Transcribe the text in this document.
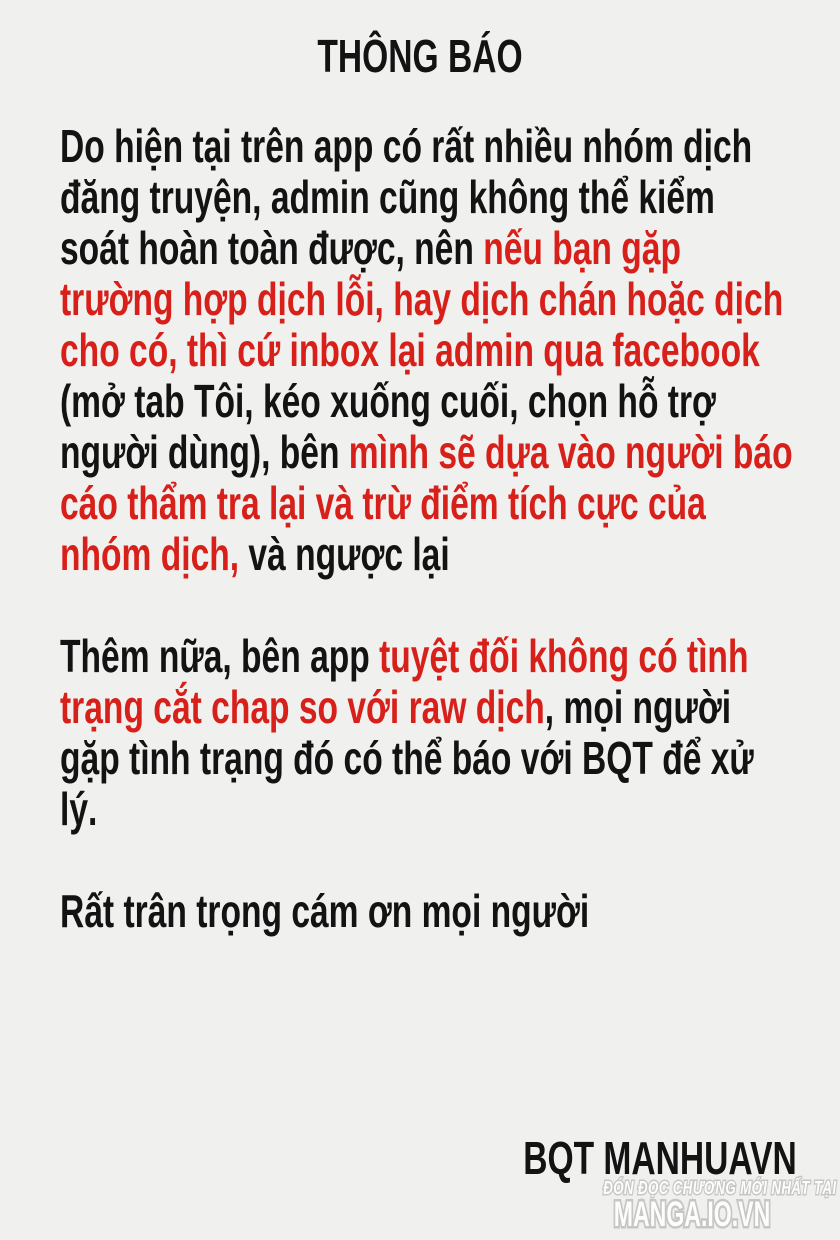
THÔNG BÁO
Do hiện tại trên app có rất nhiều nhóm dịch
đăng truyện, admin cũng không thể kiểm
soát hoàn toàn được, nên nếu bạn gặp
trường hợp dịch lỗi, hay dịch chán hoặc dịch
cho có, thì cứ inbox lại admin qua facebook
(mở tab Tôi, kéo xuống cuối, chọn hỗ trợ
người dùng), bên mình sẽ dựa vào người báo
cáo thẩm tra lại và trừ điểm tích cực của
nhóm dịch, và ngược lại
Thêm nữa, bên app tuyệt đối không có tình
trạng cắt chap so với raw dịch, mọi người
gặp tình trạng đó có thể báo với BQT để xử
lý.
Rất trân trọng cám ơn mọi người
BQT MANHUAVN
ĐÓN ĐỌC CHƯƠNG MỚI NHẤT TẠI
MANGA.IO.VN
